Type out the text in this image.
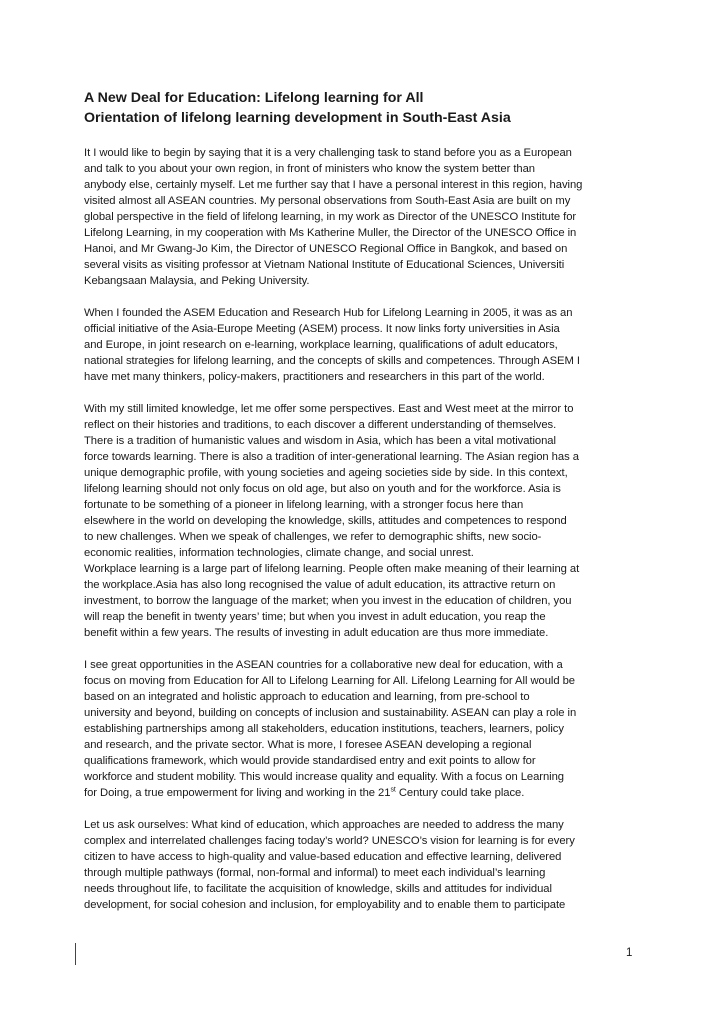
A New Deal for Education: Lifelong learning for All
Orientation of lifelong learning development in South-East Asia
It I would like to begin by saying that it is a very challenging task to stand before you as a European
and talk to you about your own region, in front of ministers who know the system better than
anybody else, certainly myself. Let me further say that I have a personal interest in this region, having
visited almost all ASEAN countries. My personal observations from South-East Asia are built on my
global perspective in the field of lifelong learning, in my work as Director of the UNESCO Institute for
Lifelong Learning, in my cooperation with Ms Katherine Muller, the Director of the UNESCO Office in
Hanoi, and Mr Gwang-Jo Kim, the Director of UNESCO Regional Office in Bangkok, and based on
several visits as visiting professor at Vietnam National Institute of Educational Sciences, Universiti
Kebangsaan Malaysia, and Peking University.
When I founded the ASEM Education and Research Hub for Lifelong Learning in 2005, it was as an
official initiative of the Asia-Europe Meeting (ASEM) process. It now links forty universities in Asia
and Europe, in joint research on e-learning, workplace learning, qualifications of adult educators,
national strategies for lifelong learning, and the concepts of skills and competences. Through ASEM I
have met many thinkers, policy-makers, practitioners and researchers in this part of the world.
With my still limited knowledge, let me offer some perspectives. East and West meet at the mirror to
reflect on their histories and traditions, to each discover a different understanding of themselves.
There is a tradition of humanistic values and wisdom in Asia, which has been a vital motivational
force towards learning. There is also a tradition of inter-generational learning. The Asian region has a
unique demographic profile, with young societies and ageing societies side by side. In this context,
lifelong learning should not only focus on old age, but also on youth and for the workforce. Asia is
fortunate to be something of a pioneer in lifelong learning, with a stronger focus here than
elsewhere in the world on developing the knowledge, skills, attitudes and competences to respond
to new challenges. When we speak of challenges, we refer to demographic shifts, new socio-
economic realities, information technologies, climate change, and social unrest.
Workplace learning is a large part of lifelong learning. People often make meaning of their learning at
the workplace.Asia has also long recognised the value of adult education, its attractive return on
investment, to borrow the language of the market; when you invest in the education of children, you
will reap the benefit in twenty years’ time; but when you invest in adult education, you reap the
benefit within a few years. The results of investing in adult education are thus more immediate.
I see great opportunities in the ASEAN countries for a collaborative new deal for education, with a
focus on moving from Education for All to Lifelong Learning for All. Lifelong Learning for All would be
based on an integrated and holistic approach to education and learning, from pre-school to
university and beyond, building on concepts of inclusion and sustainability. ASEAN can play a role in
establishing partnerships among all stakeholders, education institutions, teachers, learners, policy
and research, and the private sector. What is more, I foresee ASEAN developing a regional
qualifications framework, which would provide standardised entry and exit points to allow for
workforce and student mobility. This would increase quality and equality. With a focus on Learning
for Doing, a true empowerment for living and working in the 21st Century could take place.
Let us ask ourselves: What kind of education, which approaches are needed to address the many
complex and interrelated challenges facing today’s world? UNESCO’s vision for learning is for every
citizen to have access to high-quality and value-based education and effective learning, delivered
through multiple pathways (formal, non-formal and informal) to meet each individual’s learning
needs throughout life, to facilitate the acquisition of knowledge, skills and attitudes for individual
development, for social cohesion and inclusion, for employability and to enable them to participate
1
